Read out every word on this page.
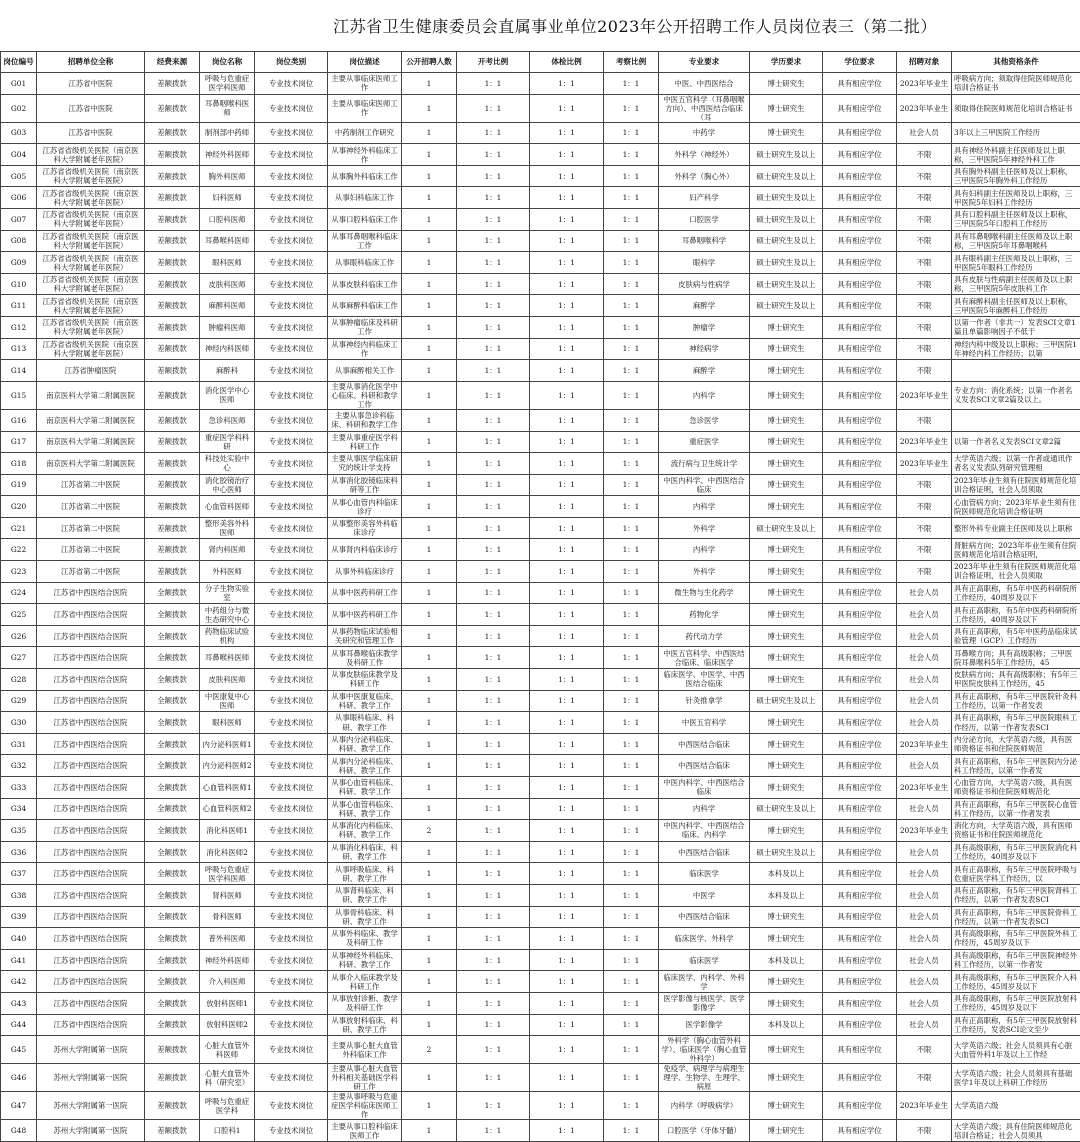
江苏省卫生健康委员会直属事业单位2023年公开招聘工作人员岗位表三（第二批）
岗位编号	招聘单位全称	经费来源	岗位名称	岗位类别	岗位描述	公开招聘人数	开考比例	体检比例	考察比例	专业要求	学历要求	学位要求	招聘对象	其他资格条件
G01	江苏省中医院	差额拨款	呼吸与危重症医学科医师	专业技术岗位	主要从事临床医师工作	1	1：1	1：1	1：1	中医、中西医结合	博士研究生	具有相应学位	2023年毕业生	呼吸病方向；须取得住院医师规范化培训合格证书
G02	江苏省中医院	差额拨款	耳鼻咽喉科医师	专业技术岗位	主要从事临床医师工作	1	1：1	1：1	1：1	中医五官科学（耳鼻咽喉方向）、中西医结合临床（耳	博士研究生	具有相应学位	2023年毕业生	须取得住院医师规范化培训合格证书
G03	江苏省中医院	差额拨款	制剂部中药师	专业技术岗位	中药制剂工作研究	1	1：1	1：1	1：1	中药学	博士研究生	具有相应学位	社会人员	3年以上三甲医院工作经历
G04	江苏省省级机关医院（南京医科大学附属老年医院）	差额拨款	神经外科医师	专业技术岗位	从事神经外科临床工作	1	1：1	1：1	1：1	外科学（神经外）	硕士研究生及以上	具有相应学位	不限	具有神经外科副主任医师及以上职称，三甲医院5年神经外科工作
G05	江苏省省级机关医院（南京医科大学附属老年医院）	差额拨款	胸外科医师	专业技术岗位	从事胸外科临床工作	1	1：1	1：1	1：1	外科学（胸心外）	硕士研究生及以上	具有相应学位	不限	具有胸外科副主任医师及以上职称，三甲医院5年胸外科工作经历
G06	江苏省省级机关医院（南京医科大学附属老年医院）	差额拨款	妇科医师	专业技术岗位	从事妇科临床工作	1	1：1	1：1	1：1	妇产科学	硕士研究生及以上	具有相应学位	不限	具有妇科副主任医师及以上职称，三甲医院5年妇科工作经历
G07	江苏省省级机关医院（南京医科大学附属老年医院）	差额拨款	口腔科医师	专业技术岗位	从事口腔科临床工作	1	1：1	1：1	1：1	口腔医学	硕士研究生及以上	具有相应学位	不限	具有口腔科副主任医师及以上职称，三甲医院5年口腔科工作经历
G08	江苏省省级机关医院（南京医科大学附属老年医院）	差额拨款	耳鼻喉科医师	专业技术岗位	从事耳鼻咽喉科临床工作	1	1：1	1：1	1：1	耳鼻咽喉科学	硕士研究生及以上	具有相应学位	不限	具有耳鼻咽喉科副主任医师及以上职称，三甲医院5年耳鼻咽喉科
G09	江苏省省级机关医院（南京医科大学附属老年医院）	差额拨款	眼科医师	专业技术岗位	从事眼科临床工作	1	1：1	1：1	1：1	眼科学	硕士研究生及以上	具有相应学位	不限	具有眼科副主任医师及以上职称，三甲医院5年眼科工作经历
G10	江苏省省级机关医院（南京医科大学附属老年医院）	差额拨款	皮肤科医师	专业技术岗位	从事皮肤科临床工作	1	1：1	1：1	1：1	皮肤病与性病学	硕士研究生及以上	具有相应学位	不限	具有皮肤与性病副主任医师及以上职称，三甲医院5年皮肤科工作
G11	江苏省省级机关医院（南京医科大学附属老年医院）	差额拨款	麻醉科医师	专业技术岗位	从事麻醉科临床工作	1	1：1	1：1	1：1	麻醉学	硕士研究生及以上	具有相应学位	不限	具有麻醉科副主任医师及以上职称，三甲医院5年麻醉科工作经历
G12	江苏省省级机关医院（南京医科大学附属老年医院）	差额拨款	肿瘤科医师	专业技术岗位	从事肿瘤临床及科研工作	1	1：1	1：1	1：1	肿瘤学	博士研究生	具有相应学位	不限	以第一作者（非共一）发表SCI文章1篇且单篇影响因子不低于
G13	江苏省省级机关医院（南京医科大学附属老年医院）	差额拨款	神经内科医师	专业技术岗位	从事神经内科临床工作	1	1：1	1：1	1：1	神经病学	博士研究生	具有相应学位	不限	神经内科中级及以上职称；三甲医院1年神经内科工作经历；以第
G14	江苏省肿瘤医院	差额拨款	麻醉科	专业技术岗位	从事麻醉相关工作	1	1：1	1：1	1：1	麻醉学	博士研究生	具有相应学位	不限	
G15	南京医科大学第二附属医院	差额拨款	消化医学中心医师	专业技术岗位	主要从事消化医学中心临床、科研和教学工作	1	1：1	1：1	1：1	内科学	博士研究生	具有相应学位	2023年毕业生	专业方向：消化系统；以第一作者名义发表SCI文章2篇及以上。
G16	南京医科大学第二附属医院	差额拨款	急诊科医师	专业技术岗位	主要从事急诊科临床、科研和教学工作	1	1：1	1：1	1：1	急诊医学	博士研究生	具有相应学位	不限	
G17	南京医科大学第二附属医院	差额拨款	重症医学科科研	专业技术岗位	主要从事重症医学科科研工作	1	1：1	1：1	1：1	重症医学	博士研究生	具有相应学位	2023年毕业生	以第一作者名义发表SCI文章2篇
G18	南京医科大学第二附属医院	差额拨款	科技处实验中心	专业技术岗位	主要从事医学临床研究的统计学支持	1	1：1	1：1	1：1	流行病与卫生统计学	博士研究生	具有相应学位	2023年毕业生	大学英语六级；以第一作者或通讯作者名义发表队列研究管理相
G19	江苏省第二中医院	差额拨款	消化胶镜治疗中心医师	专业技术岗位	从事消化胶镜临床科研等工作	1	1：1	1：1	1：1	中医内科学、中西医结合临床	博士研究生	具有相应学位	不限	2023年毕业生须有住院医师规范化培训合格证明，社会人员须取
G20	江苏省第二中医院	差额拨款	心血管科医师	专业技术岗位	从事心血管内科临床诊疗	1	1：1	1：1	1：1	内科学	博士研究生	具有相应学位	不限	心血管病方向；2023年毕业生须有住院医师规范化培训合格证明
G21	江苏省第二中医院	差额拨款	整形美容外科医师	专业技术岗位	从事整形美容外科临床诊疗	1	1：1	1：1	1：1	外科学	硕士研究生及以上	具有相应学位	不限	整形外科专业副主任医师及以上职称
G22	江苏省第二中医院	差额拨款	肾内科医师	专业技术岗位	从事肾内科临床诊疗	1	1：1	1：1	1：1	内科学	博士研究生	具有相应学位	不限	肾脏病方向；2023年毕业生须有住院医师规范化培训合格证明，
G23	江苏省第二中医院	差额拨款	外科医师	专业技术岗位	从事外科临床诊疗	1	1：1	1：1	1：1	外科学	博士研究生	具有相应学位	不限	2023年毕业生须有住院医师规范化培训合格证明，社会人员须取
G24	江苏省中西医结合医院	全额拨款	分子生物实验室	专业技术岗位	从事中医药科研工作	1	1：1	1：1	1：1	微生物与生化药学	博士研究生	具有相应学位	社会人员	具有正高职称，有5年中医药科研院所工作经历，40周岁及以下
G25	江苏省中西医结合医院	全额拨款	中药组分与微生态研究中心	专业技术岗位	从事中医药科研工作	1	1：1	1：1	1：1	药物化学	博士研究生	具有相应学位	社会人员	具有正高职称，有5年中医药科研院所工作经历，40周岁及以下
G26	江苏省中西医结合医院	全额拨款	药物临床试验机构	专业技术岗位	从事药物临床试验相关研究和管理工作	1	1：1	1：1	1：1	药代动力学	博士研究生	具有相应学位	社会人员	具有正高职称，有5年中医药品临床试验管理（GCP）工作经历
G27	江苏省中西医结合医院	全额拨款	耳鼻喉科医师	专业技术岗位	从事耳鼻喉临床教学及科研工作	1	1：1	1：1	1：1	中医五官科学、中西医结合临床、临床医学	博士研究生	具有相应学位	社会人员	耳鼻喉方向；具有高级职称；三甲医院耳鼻喉科5年工作经历，45
G28	江苏省中西医结合医院	全额拨款	皮肤科医师	专业技术岗位	从事皮肤临床教学及科研工作	1	1：1	1：1	1：1	临床医学、中医学、中西医结合临床	博士研究生	具有相应学位	社会人员	皮肤病方向；具有高级职称；有5年三甲医院皮肤科工作经历，45
G29	江苏省中西医结合医院	全额拨款	中医康复中心医师	专业技术岗位	从事中医康复临床、科研、教学工作	1	1：1	1：1	1：1	针灸推拿学	硕士研究生及以上	具有相应学位	社会人员	具有正高职称，有5年三甲医院针灸科工作经历，以第一作者发表
G30	江苏省中西医结合医院	全额拨款	眼科医师	专业技术岗位	从事眼科临床、科研、教学工作	1	1：1	1：1	1：1	中医五官科学	博士研究生	具有相应学位	社会人员	具有正高职称，有5年三甲医院眼科工作经历，以第一作者发表SCI
G31	江苏省中西医结合医院	全额拨款	内分泌科医师1	专业技术岗位	从事内分泌科临床、科研、教学工作	1	1：1	1：1	1：1	中西医结合临床	博士研究生	具有相应学位	2023年毕业生	内分泌方向，大学英语六级，具有医师资格证书和住院医师规范
G32	江苏省中西医结合医院	全额拨款	内分泌科医师2	专业技术岗位	从事内分泌科临床、科研、教学工作	1	1：1	1：1	1：1	中西医结合临床	博士研究生	具有相应学位	社会人员	具有正高职称，有5年三甲医院内分泌科工作经历，以第一作者发
G33	江苏省中西医结合医院	全额拨款	心血管科医师1	专业技术岗位	从事心血管科临床、科研、教学工作	1	1：1	1：1	1：1	中医内科学、中西医结合临床	博士研究生	具有相应学位	2023年毕业生	心血管方向，大学英语六级，具有医师资格证书和住院医师规范化
G34	江苏省中西医结合医院	全额拨款	心血管科医师2	专业技术岗位	从事心血管科临床、科研、教学工作	1	1：1	1：1	1：1	内科学	硕士研究生及以上	具有相应学位	社会人员	具有正高职称，有5年三甲医院心血管科工作经历，以第一作者发表
G35	江苏省中西医结合医院	全额拨款	消化科医师1	专业技术岗位	从事消化内科临床、科研、教学工作	2	1：1	1：1	1：1	中医内科学、中西医结合临床、内科学	博士研究生	具有相应学位	2023年毕业生	消化方向，大学英语六级，具有医师资格证书和住院医师规范化
G36	江苏省中西医结合医院	全额拨款	消化科医师2	专业技术岗位	从事消化科临床、科研、教学工作	1	1：1	1：1	1：1	中西医结合临床	硕士研究生及以上	具有相应学位	社会人员	具有高级职称，有5年三甲医院消化科工作经历，40周岁及以下
G37	江苏省中西医结合医院	全额拨款	呼吸与危重症医学科医师	专业技术岗位	从事呼吸临床、科研、教学工作	1	1：1	1：1	1：1	临床医学	本科及以上	具有相应学位	社会人员	具有正高职称，有5年三甲医院呼吸与危重症医学科工作经历，以
G38	江苏省中西医结合医院	全额拨款	肾科医师	专业技术岗位	从事肾科临床、科研、教学工作	1	1：1	1：1	1：1	中医学	本科及以上	具有相应学位	社会人员	具有正高职称，有5年三甲医院肾科工作经历，以第一作者发表SCI
G39	江苏省中西医结合医院	全额拨款	骨科医师	专业技术岗位	从事骨科临床、科研、教学工作	1	1：1	1：1	1：1	中西医结合临床	博士研究生	具有相应学位	社会人员	具有正高职称，有5年三甲医院骨科工作经历，以第一作者发表SCI
G40	江苏省中西医结合医院	全额拨款	普外科医师	专业技术岗位	从事外科临床、教学及科研工作	1	1：1	1：1	1：1	临床医学、外科学	博士研究生	具有相应学位	社会人员	具有高级职称，有5年三甲医院外科工作经历，45周岁及以下
G41	江苏省中西医结合医院	全额拨款	神经外科医师	专业技术岗位	从事神经外科临床、科研、教学工作	1	1：1	1：1	1：1	临床医学	本科及以上	具有相应学位	社会人员	具有高级职称，有5年三甲医院神经外科工作经历，以第一作者发
G42	江苏省中西医结合医院	全额拨款	介入科医师	专业技术岗位	从事介入临床教学及科研工作	1	1：1	1：1	1：1	临床医学、内科学、外科学	博士研究生	具有相应学位	社会人员	具有高级职称，有5年三甲医院介入科工作经历，45周岁及以下
G43	江苏省中西医结合医院	全额拨款	放射科医师1	专业技术岗位	从事放射诊断、教学及科研工作	1	1：1	1：1	1：1	医学影像与核医学、医学影像学	博士研究生	具有相应学位	社会人员	具有高级职称，有5年三甲医院放射科工作经历，45周岁及以下
G44	江苏省中西医结合医院	全额拨款	放射科医师2	专业技术岗位	从事放射科临床、科研、教学工作	1	1：1	1：1	1：1	医学影像学	本科及以上	具有相应学位	社会人员	具有正高职称，有5年三甲医院放射科工作经历，发表SCI论文至少
G45	苏州大学附属第一医院	差额拨款	心脏大血管外科医师	专业技术岗位	主要从事心脏大血管外科临床工作	2	1：1	1：1	1：1	外科学（胸心血管外科学）、临床医学（胸心血管外科学）	博士研究生	具有相应学位	不限	大学英语六级；社会人员须具有心脏大血管外科1年及以上工作经
G46	苏州大学附属第一医院	差额拨款	心脏大血管外科（研究室）	专业技术岗位	主要从事心脏大血管外科相关基础医学科研工作	1	1：1	1：1	1：1	免疫学、病理学与病理生理学、生物学、生理学、病原	博士研究生	具有相应学位	不限	大学英语六级；社会人员须具有基础医学1年及以上科研工作经历
G47	苏州大学附属第一医院	差额拨款	呼吸与危重症医学科	专业技术岗位	主要从事呼吸与危重症医学科临床医师工作	1	1：1	1：1	1：1	内科学（呼吸病学）	博士研究生	具有相应学位	2023年毕业生	大学英语六级
G48	苏州大学附属第一医院	差额拨款	口腔科1	专业技术岗位	主要从事口腔科临床医师工作	1	1：1	1：1	1：1	口腔医学（牙体牙髓）	博士研究生	具有相应学位	不限	大学英语六级；具有住院医师规范化培训合格证；社会人员须具
